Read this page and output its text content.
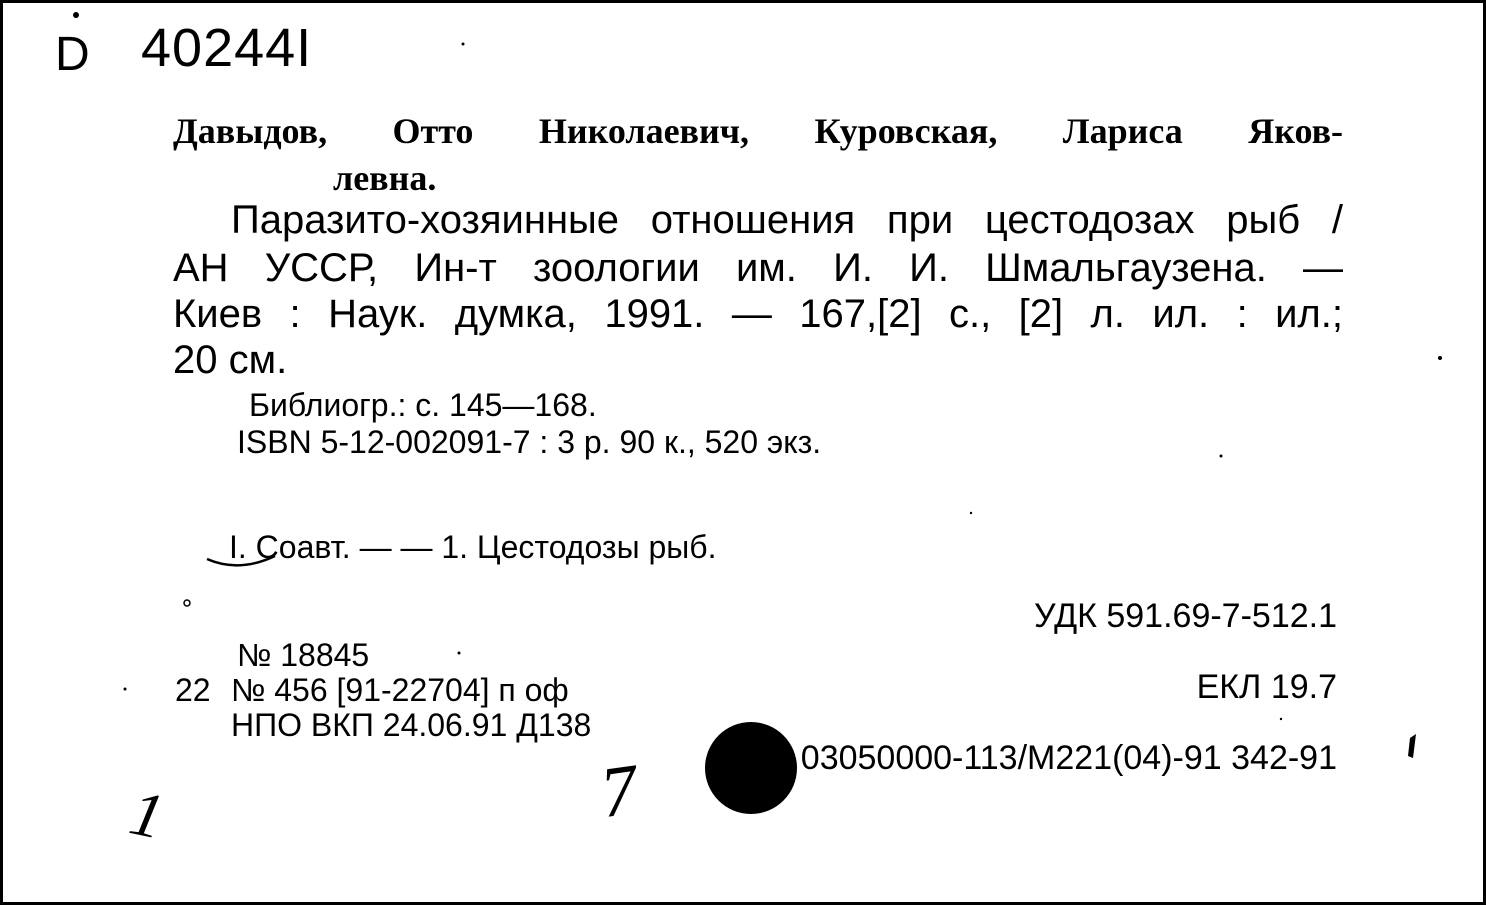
D 40244I
Давыдов, Отто Николаевич, Куровская, Лариса Яков-
левна.
Паразито-хозяинные отношения при цестодозах рыб /
АН УССР, Ин-т зоологии им. И. И. Шмальгаузена. —
Киев : Наук. думка, 1991. — 167,[2] с., [2] л. ил. : ил.;
20 см.
Библиогр.: с. 145—168.
ISBN 5-12-002091-7 : 3 р. 90 к., 520 экз.
I. Соавт. — — 1. Цестодозы рыб.
УДК 591.69-7-512.1
ЕКЛ 19.7
03050000-113/М221(04)-91 342-91
№ 18845
22 № 456 [91-22704] п оф
НПО ВКП 24.06.91 Д138
1	7
